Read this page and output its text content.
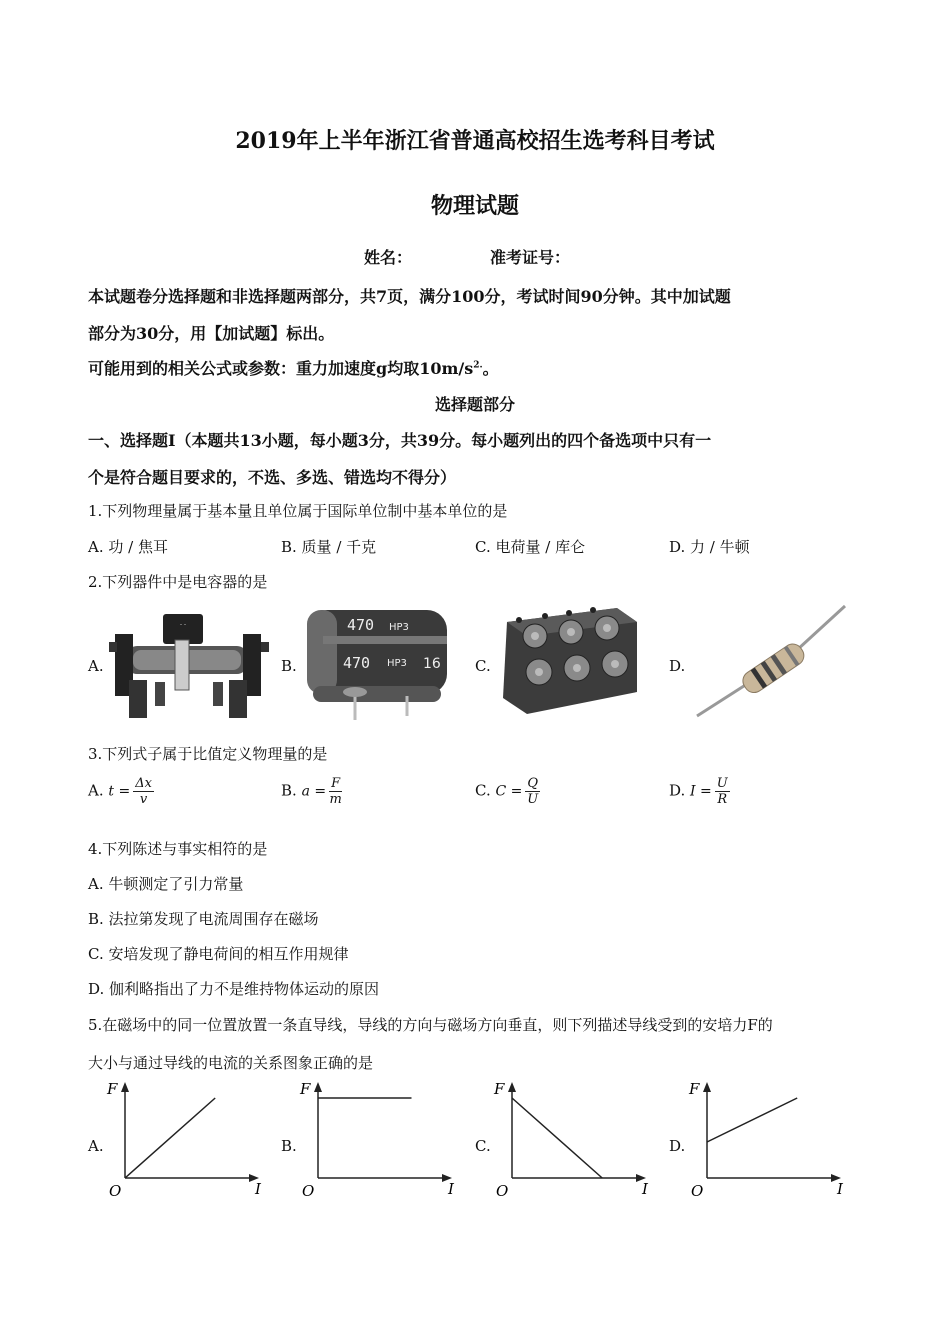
2019年上半年浙江省普通高校招生选考科目考试
物理试题
姓名：	准考证号：
本试题卷分选择题和非选择题两部分，共7页，满分100分，考试时间90分钟。其中加试题
部分为30分，用【加试题】标出。
可能用到的相关公式或参数：重力加速度g均取$10m/s^{2.}$。
选择题部分
一、选择题Ⅰ（本题共13小题，每小题3分，共39分。每小题列出的四个备选项中只有一
个是符合题目要求的，不选、多选、错选均不得分）
1.下列物理量属于基本量且单位属于国际单位制中基本单位的是
A. 功 / 焦耳	B. 质量 / 千克	C. 电荷量 / 库仑	D. 力 / 牛顿
2.下列器件中是电容器的是
A.	B.	C.	D.
- -	470 HP3
470 HP3 16
3.下列式子属于比值定义物理量的是
A. $t = \frac{\Delta x}{v}$	B. $a = \frac{F}{m}$	C. $C = \frac{Q}{U}$	D. $I = \frac{U}{R}$
4.下列陈述与事实相符的是
A. 牛顿测定了引力常量
B. 法拉第发现了电流周围存在磁场
C. 安培发现了静电荷间的相互作用规律
D. 伽利略指出了力不是维持物体运动的原因
5.在磁场中的同一位置放置一条直导线，导线的方向与磁场方向垂直，则下列描述导线受到的安培力F的
大小与通过导线的电流的关系图象正确的是
A.	B.	C.	D.
F
I
O
F
I
O
F
I
O
F
I
O
